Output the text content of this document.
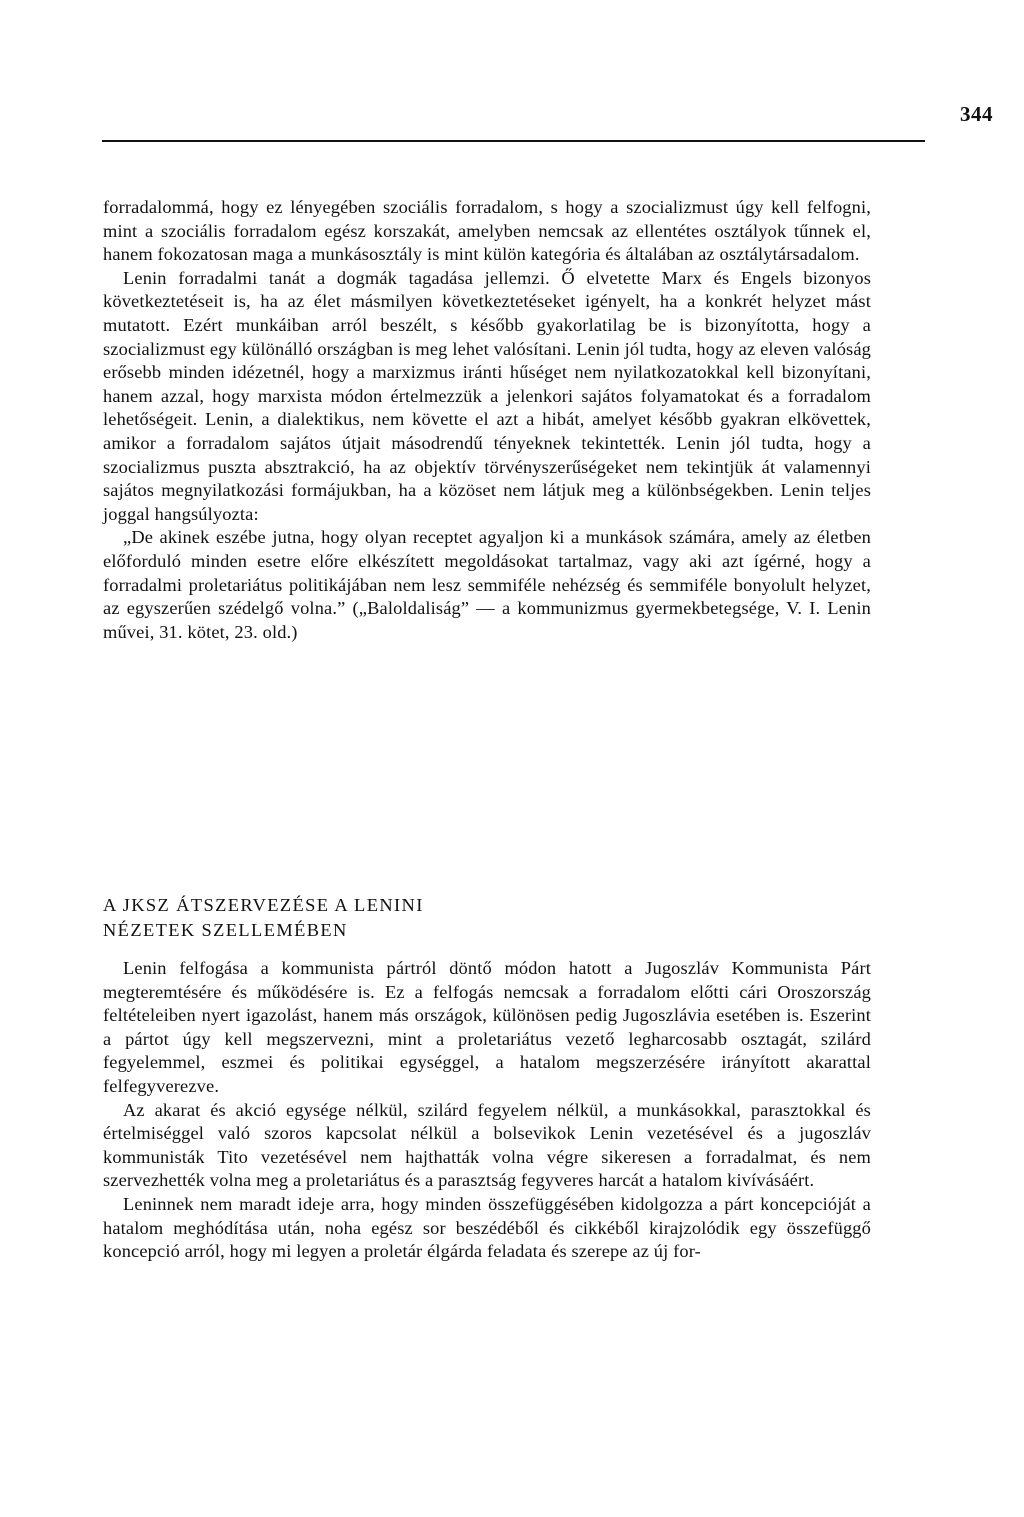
344

forradalommá, hogy ez lényegében szociális forradalom, s hogy a szocializmust úgy kell felfogni, mint a szociális forradalom egész korszakát, amelyben nemcsak az ellentétes osztályok tűnnek el, hanem fokozatosan maga a munkásosztály is mint külön kategória és általában az osztálytársadalom.

Lenin forradalmi tanát a dogmák tagadása jellemzi. Ő elvetette Marx és Engels bizonyos következtetéseit is, ha az élet másmilyen következtetéseket igényelt, ha a konkrét helyzet mást mutatott. Ezért munkáiban arról beszélt, s később gyakorlatilag be is bizonyította, hogy a szocializmust egy különálló országban is meg lehet valósítani. Lenin jól tudta, hogy az eleven valóság erősebb minden idézetnél, hogy a marxizmus iránti hűséget nem nyilatkozatokkal kell bizonyítani, hanem azzal, hogy marxista módon értelmezzük a jelenkori sajátos folyamatokat és a forradalom lehetőségeit. Lenin, a dialektikus, nem követte el azt a hibát, amelyet később gyakran elkövettek, amikor a forradalom sajátos útjait másodrendű tényeknek tekintették. Lenin jól tudta, hogy a szocializmus puszta absztrakció, ha az objektív törvényszerűségeket nem tekintjük át valamennyi sajátos megnyilatkozási formájukban, ha a közöset nem látjuk meg a különbségekben. Lenin teljes joggal hangsúlyozta:

„De akinek eszébe jutna, hogy olyan receptet agyaljon ki a munkások számára, amely az életben előforduló minden esetre előre elkészített megoldásokat tartalmaz, vagy aki azt ígérné, hogy a forradalmi proletariátus politikájában nem lesz semmiféle nehézség és semmiféle bonyolult helyzet, az egyszerűen szédelgő volna.” („Baloldaliság” — a kommunizmus gyermekbetegsége, V. I. Lenin művei, 31. kötet, 23. old.)

A JKSZ ÁTSZERVEZÉSE A LENINI
NÉZETEK SZELLEMÉBEN

Lenin felfogása a kommunista pártról döntő módon hatott a Jugoszláv Kommunista Párt megteremtésére és működésére is. Ez a felfogás nemcsak a forradalom előtti cári Oroszország feltételeiben nyert igazolást, hanem más országok, különösen pedig Jugoszlávia esetében is. Eszerint a pártot úgy kell megszervezni, mint a proletariátus vezető legharcosabb osztagát, szilárd fegyelemmel, eszmei és politikai egységgel, a hatalom megszerzésére irányított akarattal felfegyverezve.

Az akarat és akció egysége nélkül, szilárd fegyelem nélkül, a munkásokkal, parasztokkal és értelmiséggel való szoros kapcsolat nélkül a bolsevikok Lenin vezetésével és a jugoszláv kommunisták Tito vezetésével nem hajthatták volna végre sikeresen a forradalmat, és nem szervezhették volna meg a proletariátus és a parasztság fegyveres harcát a hatalom kivívásáért.

Leninnek nem maradt ideje arra, hogy minden összefüggésében kidolgozza a párt koncepcióját a hatalom meghódítása után, noha egész sor beszédéből és cikkéből kirajzolódik egy összefüggő koncepció arról, hogy mi legyen a proletár élgárda feladata és szerepe az új for-
